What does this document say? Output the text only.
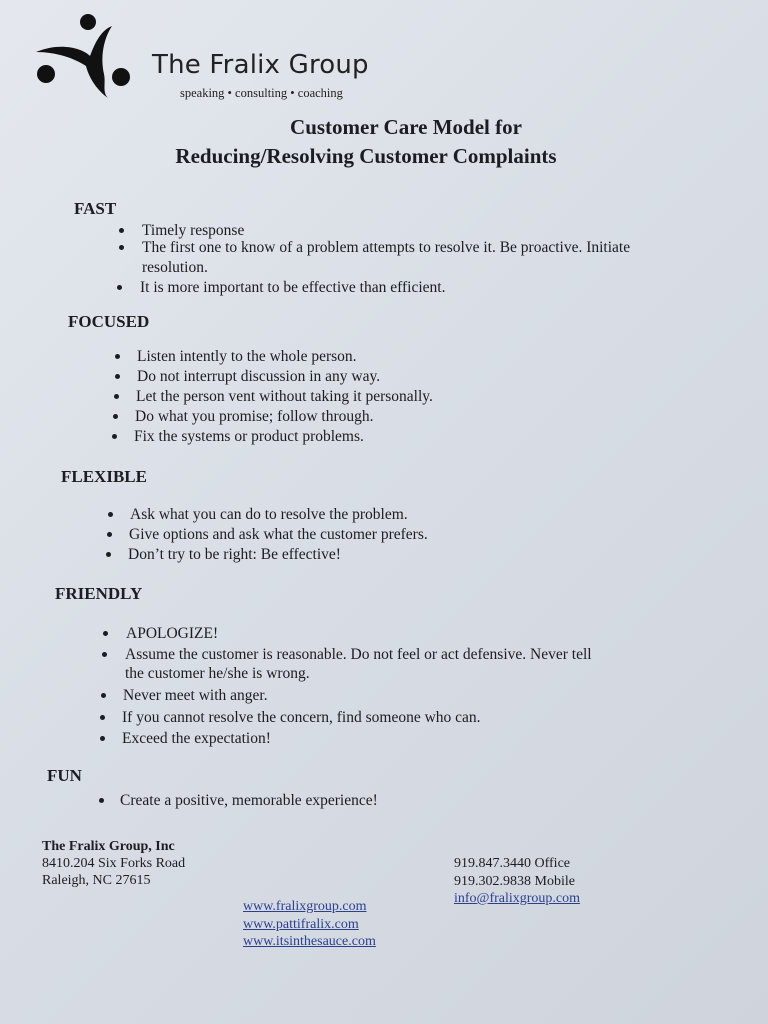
The Fralix Group
speaking • consulting • coaching
Customer Care Model for
Reducing/Resolving Customer Complaints
FAST
Timely response
The first one to know of a problem attempts to resolve it. Be proactive. Initiate
resolution.
It is more important to be effective than efficient.
FOCUSED
Listen intently to the whole person.
Do not interrupt discussion in any way.
Let the person vent without taking it personally.
Do what you promise; follow through.
Fix the systems or product problems.
FLEXIBLE
Ask what you can do to resolve the problem.
Give options and ask what the customer prefers.
Don’t try to be right: Be effective!
FRIENDLY
APOLOGIZE!
Assume the customer is reasonable. Do not feel or act defensive. Never tell
the customer he/she is wrong.
Never meet with anger.
If you cannot resolve the concern, find someone who can.
Exceed the expectation!
FUN
Create a positive, memorable experience!
The Fralix Group, Inc
8410.204 Six Forks Road
Raleigh, NC 27615
919.847.3440 Office
919.302.9838 Mobile
info@fralixgroup.com
www.fralixgroup.com
www.pattifralix.com
www.itsinthesauce.com
